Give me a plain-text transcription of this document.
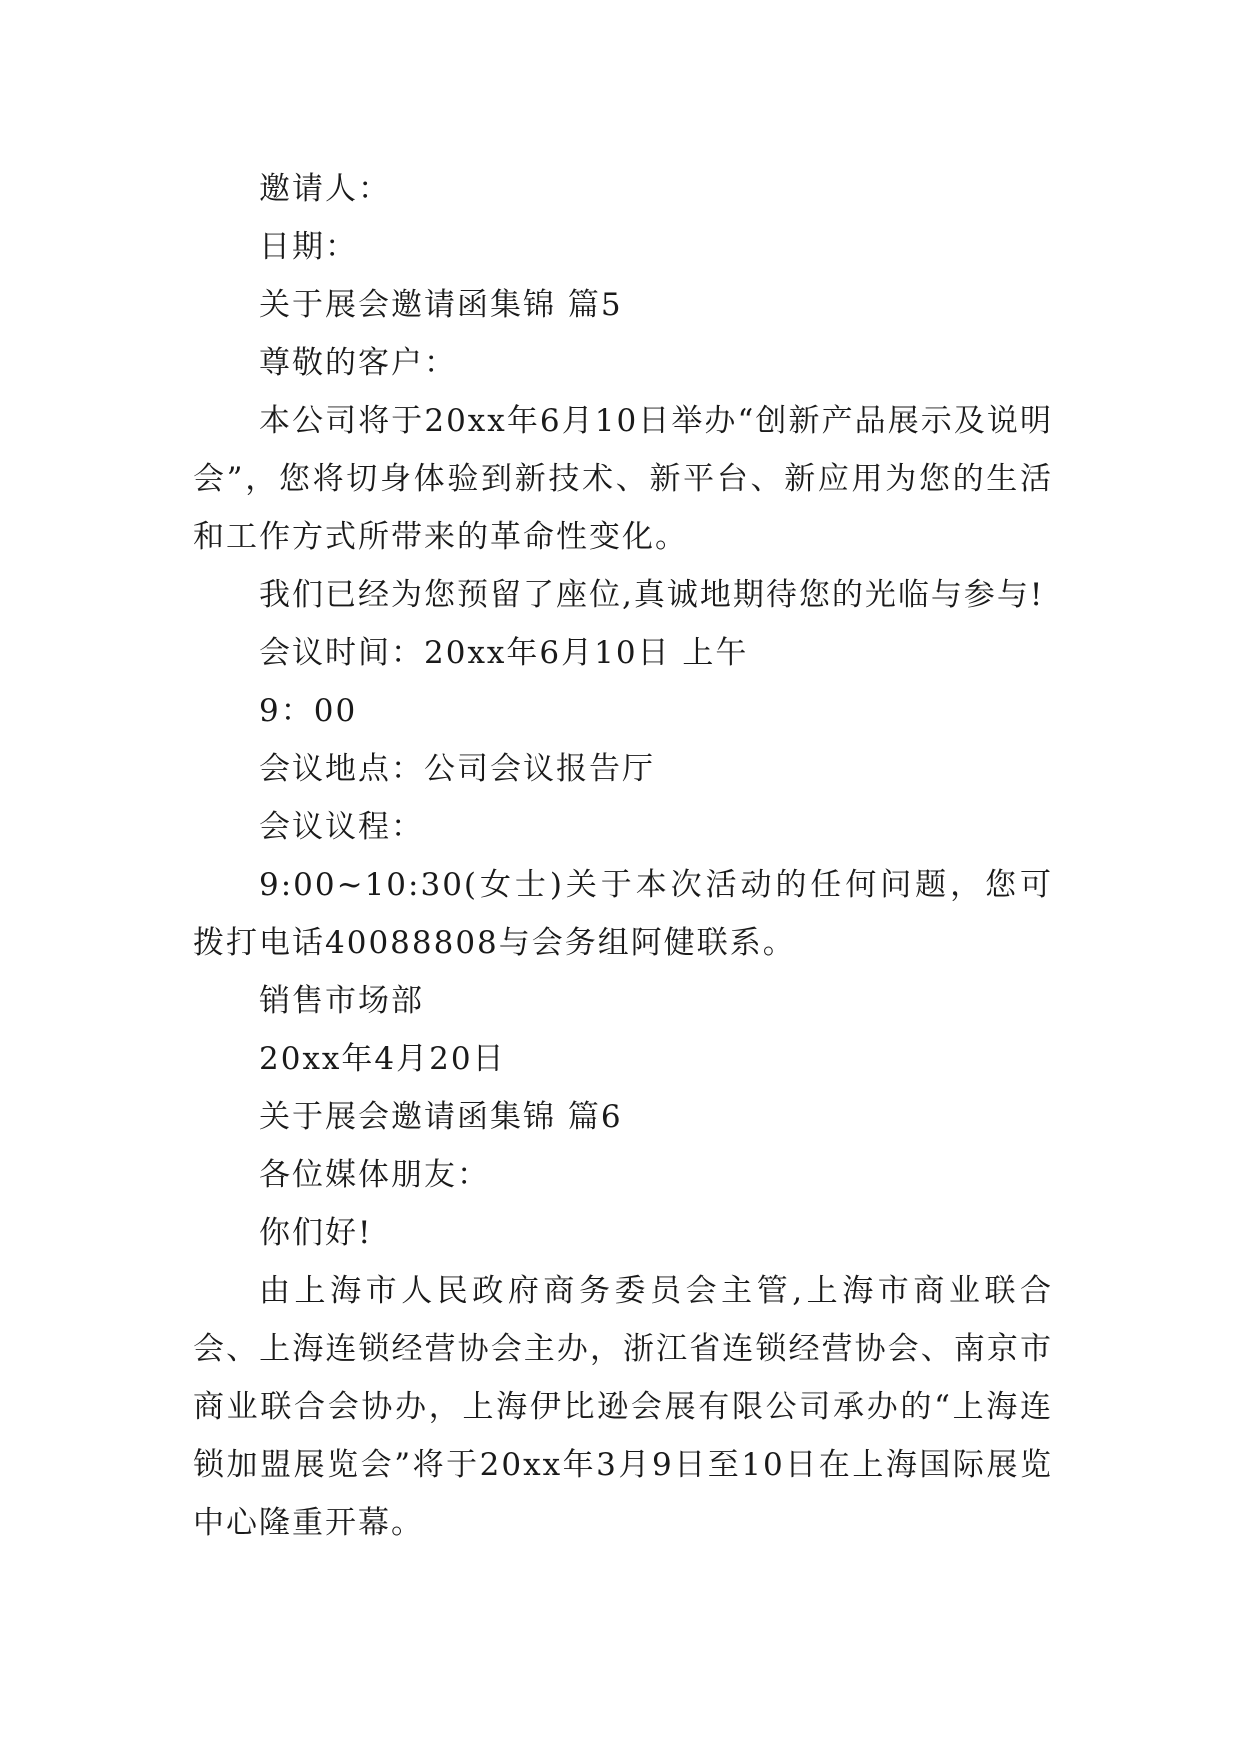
邀请人：

日期：

关于展会邀请函集锦 篇5

尊敬的客户：

本公司将于20xx年6月10日举办“创新产品展示及说明会”，您将切身体验到新技术、新平台、新应用为您的生活和工作方式所带来的革命性变化。

我们已经为您预留了座位,真诚地期待您的光临与参与!

会议时间：20xx年6月10日 上午

9：00

会议地点：公司会议报告厅

会议议程：

9:00~10:30(女士)关于本次活动的任何问题，您可拨打电话40088808与会务组阿健联系。

销售市场部

20xx年4月20日

关于展会邀请函集锦 篇6

各位媒体朋友：

你们好!

由上海市人民政府商务委员会主管,上海市商业联合会、上海连锁经营协会主办，浙江省连锁经营协会、南京市商业联合会协办，上海伊比逊会展有限公司承办的“上海连锁加盟展览会”将于20xx年3月9日至10日在上海国际展览中心隆重开幕。
